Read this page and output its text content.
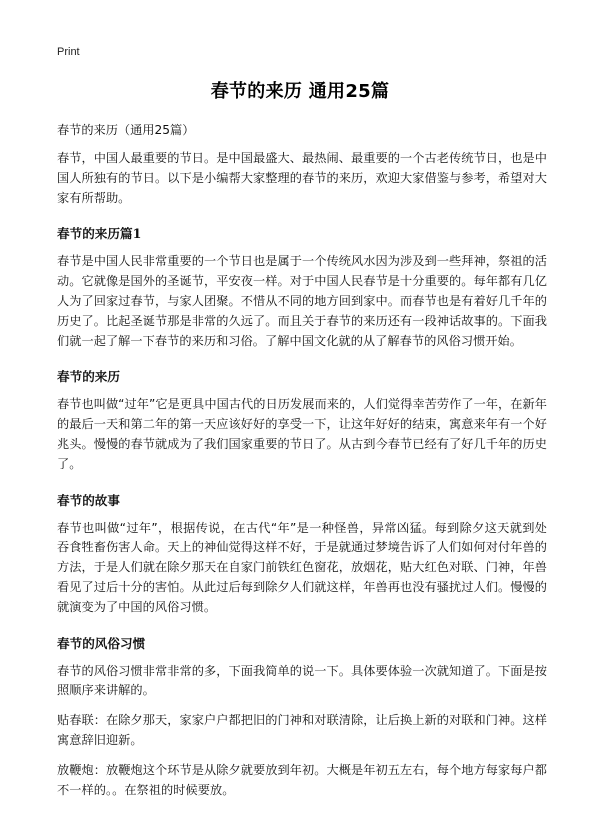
Print
春节的来历 通用25篇
春节的来历（通用25篇）

春节，中国人最重要的节日。是中国最盛大、最热闹、最重要的一个古老传统节日，也是中国人所独有的节日。以下是小编帮大家整理的春节的来历，欢迎大家借鉴与参考，希望对大家有所帮助。

春节的来历篇1

春节是中国人民非常重要的一个节日也是属于一个传统风水因为涉及到一些拜神，祭祖的活动。它就像是国外的圣诞节，平安夜一样。对于中国人民春节是十分重要的。每年都有几亿人为了回家过春节，与家人团聚。不惜从不同的地方回到家中。而春节也是有着好几千年的历史了。比起圣诞节那是非常的久远了。而且关于春节的来历还有一段神话故事的。下面我们就一起了解一下春节的来历和习俗。了解中国文化就的从了解春节的风俗习惯开始。

春节的来历

春节也叫做“过年”它是更具中国古代的日历发展而来的，人们觉得幸苦劳作了一年，在新年的最后一天和第二年的第一天应该好好的享受一下，让这年好好的结束，寓意来年有一个好兆头。慢慢的春节就成为了我们国家重要的节日了。从古到今春节已经有了好几千年的历史了。

春节的故事

春节也叫做“过年”，根据传说，在古代“年”是一种怪兽，异常凶猛。每到除夕这天就到处吞食牲畜伤害人命。天上的神仙觉得这样不好，于是就通过梦境告诉了人们如何对付年兽的方法，于是人们就在除夕那天在自家门前铁红色窗花，放烟花，贴大红色对联、门神，年兽看见了过后十分的害怕。从此过后每到除夕人们就这样，年兽再也没有骚扰过人们。慢慢的就演变为了中国的风俗习惯。

春节的风俗习惯

春节的风俗习惯非常非常的多，下面我简单的说一下。具体要体验一次就知道了。下面是按照顺序来讲解的。

贴春联：在除夕那天，家家户户都把旧的门神和对联清除，让后换上新的对联和门神。这样寓意辞旧迎新。

放鞭炮：放鞭炮这个环节是从除夕就要放到年初。大概是年初五左右，每个地方每家每户都不一样的。。在祭祖的时候要放。
